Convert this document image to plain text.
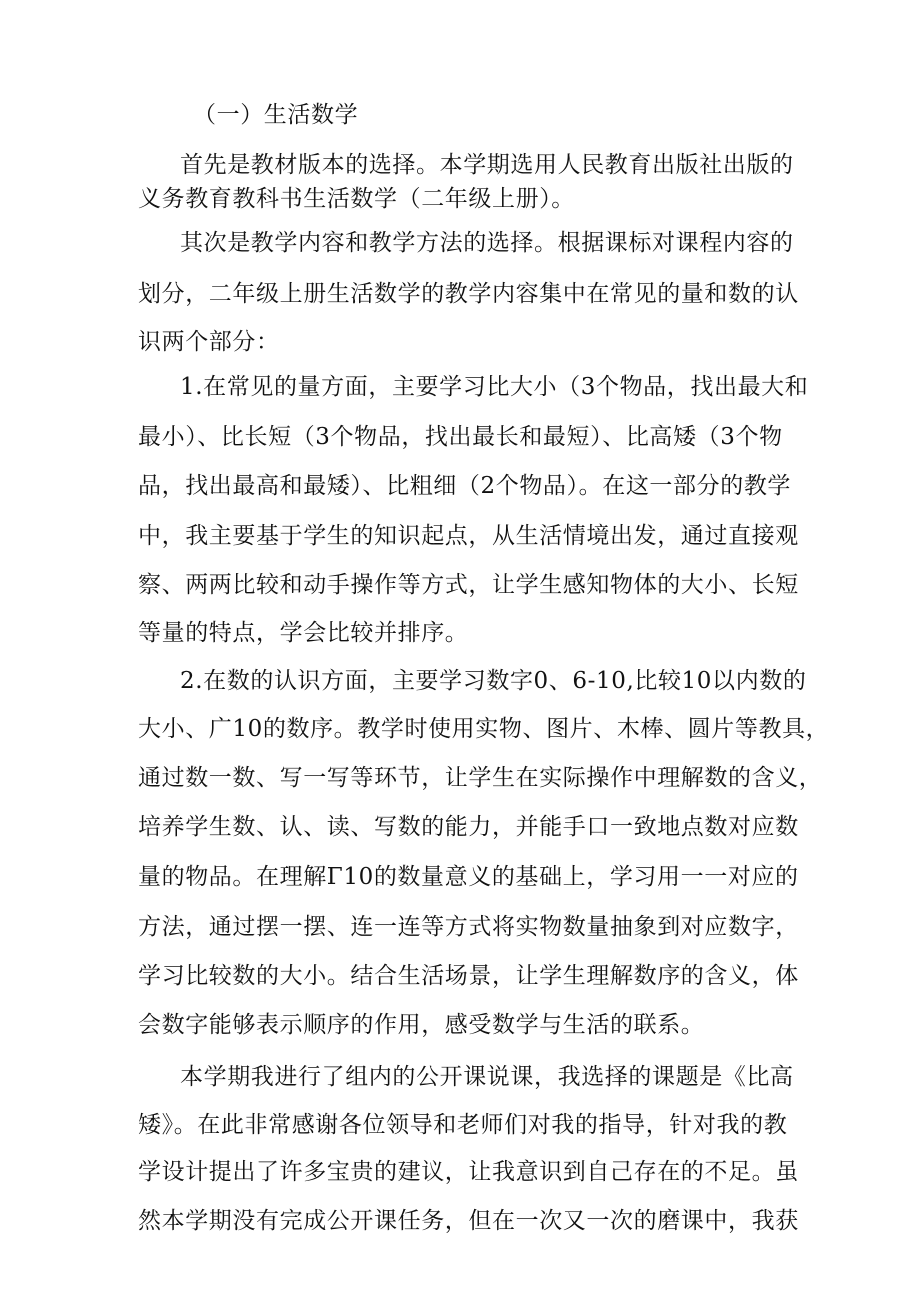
（一）生活数学
首先是教材版本的选择。本学期选用人民教育出版社出版的
义务教育教科书生活数学（二年级上册）。
其次是教学内容和教学方法的选择。根据课标对课程内容的
划分，二年级上册生活数学的教学内容集中在常见的量和数的认
识两个部分：
1.在常见的量方面，主要学习比大小（3个物品，找出最大和
最小）、比长短（3个物品，找出最长和最短）、比高矮（3个物
品，找出最高和最矮）、比粗细（2个物品）。在这一部分的教学
中，我主要基于学生的知识起点，从生活情境出发，通过直接观
察、两两比较和动手操作等方式，让学生感知物体的大小、长短
等量的特点，学会比较并排序。
2.在数的认识方面，主要学习数字0、6-10,比较10以内数的
大小、广10的数序。教学时使用实物、图片、木棒、圆片等教具，
通过数一数、写一写等环节，让学生在实际操作中理解数的含义，
培养学生数、认、读、写数的能力，并能手口一致地点数对应数
量的物品。在理解Γ10的数量意义的基础上，学习用一一对应的
方法，通过摆一摆、连一连等方式将实物数量抽象到对应数字，
学习比较数的大小。结合生活场景，让学生理解数序的含义，体
会数字能够表示顺序的作用，感受数学与生活的联系。
本学期我进行了组内的公开课说课，我选择的课题是《比高
矮》。在此非常感谢各位领导和老师们对我的指导，针对我的教
学设计提出了许多宝贵的建议，让我意识到自己存在的不足。虽
然本学期没有完成公开课任务，但在一次又一次的磨课中，我获
